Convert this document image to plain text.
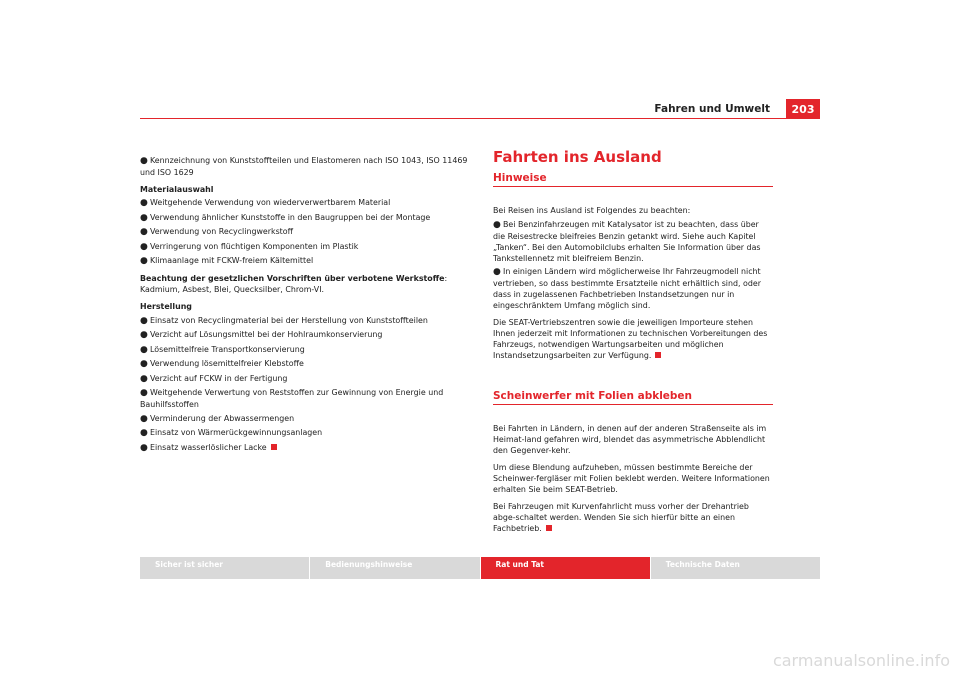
Fahren und Umwelt	203

● Kennzeichnung von Kunststoffteilen und Elastomeren nach ISO 1043, ISO 11469 und ISO 1629

Materialauswahl

● Weitgehende Verwendung von wiederverwertbarem Material

● Verwendung ähnlicher Kunststoffe in den Baugruppen bei der Montage

● Verwendung von Recyclingwerkstoff

● Verringerung von flüchtigen Komponenten im Plastik

● Klimaanlage mit FCKW-freiem Kältemittel

Beachtung der gesetzlichen Vorschriften über verbotene Werkstoffe: Kadmium, Asbest, Blei, Quecksilber, Chrom-VI.

Herstellung

● Einsatz von Recyclingmaterial bei der Herstellung von Kunststoffteilen

● Verzicht auf Lösungsmittel bei der Hohlraumkonservierung

● Lösemittelfreie Transportkonservierung

● Verwendung lösemittelfreier Klebstoffe

● Verzicht auf FCKW in der Fertigung

● Weitgehende Verwertung von Reststoffen zur Gewinnung von Energie und Bauhilfsstoffen

● Verminderung der Abwassermengen

● Einsatz von Wärmerückgewinnungsanlagen

● Einsatz wasserlöslicher Lacke

Fahrten ins Ausland
Hinweise

Bei Reisen ins Ausland ist Folgendes zu beachten:

● Bei Benzinfahrzeugen mit Katalysator ist zu beachten, dass über die Reisestrecke bleifreies Benzin getankt wird. Siehe auch Kapitel „Tanken“. Bei den Automobilclubs erhalten Sie Information über das Tankstellennetz mit bleifreiem Benzin.

● In einigen Ländern wird möglicherweise Ihr Fahrzeugmodell nicht vertrieben, so dass bestimmte Ersatzteile nicht erhältlich sind, oder dass in zugelassenen Fachbetrieben Instandsetzungen nur in eingeschränktem Umfang möglich sind.

Die SEAT-Vertriebszentren sowie die jeweiligen Importeure stehen Ihnen jederzeit mit Informationen zu technischen Vorbereitungen des Fahrzeugs, notwendigen Wartungsarbeiten und möglichen Instandsetzungsarbeiten zur Verfügung.

Scheinwerfer mit Folien abkleben

Bei Fahrten in Ländern, in denen auf der anderen Straßenseite als im Heimat-land gefahren wird, blendet das asymmetrische Abblendlicht den Gegenver-kehr.

Um diese Blendung aufzuheben, müssen bestimmte Bereiche der Scheinwer-fergläser mit Folien beklebt werden. Weitere Informationen erhalten Sie beim SEAT-Betrieb.

Bei Fahrzeugen mit Kurvenfahrlicht muss vorher der Drehantrieb abge-schaltet werden. Wenden Sie sich hierfür bitte an einen Fachbetrieb.

Sicher ist sicher	Bedienungshinweise	Rat und Tat	Technische Daten
carmanualsonline.info
